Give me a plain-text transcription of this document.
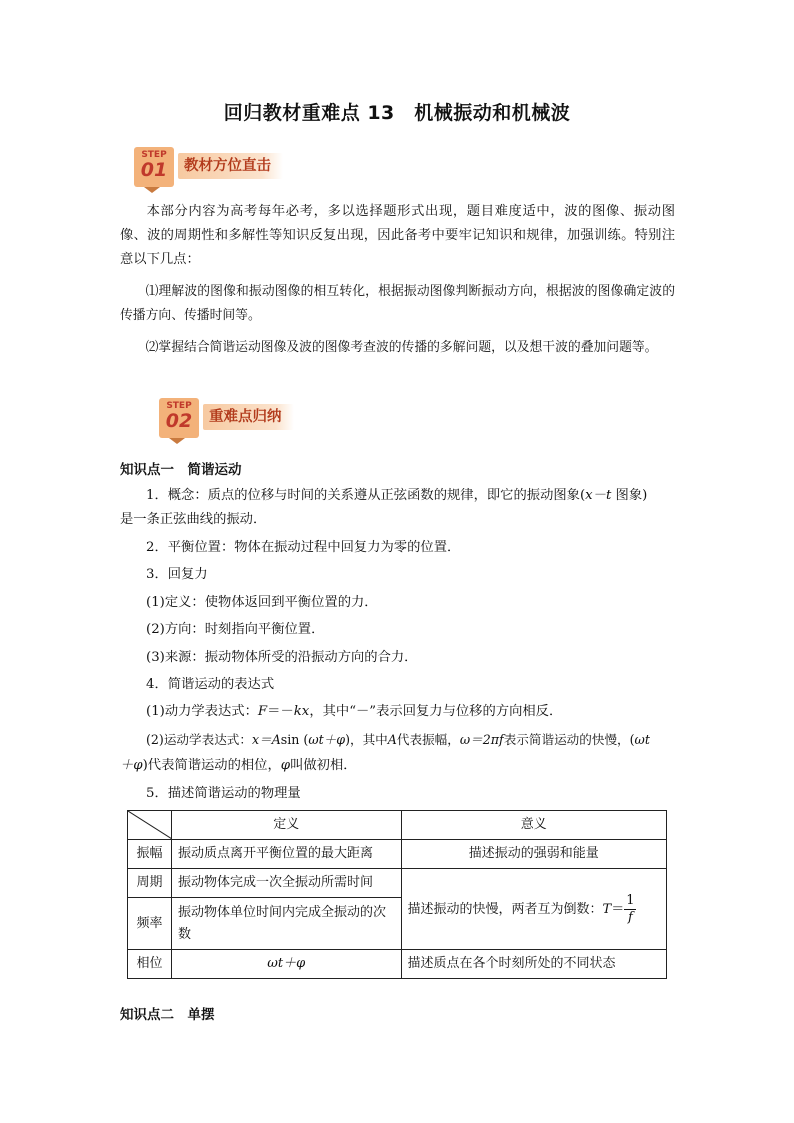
回归教材重难点 13　机械振动和机械波
STEP
01	教材方位直击
本部分内容为高考每年必考，多以选择题形式出现，题目难度适中，波的图像、振动图像、波的周期性和多解性等知识反复出现，因此备考中要牢记知识和规律，加强训练。特别注意以下几点：
⑴理解波的图像和振动图像的相互转化，根据振动图像判断振动方向，根据波的图像确定波的传播方向、传播时间等。
⑵掌握结合简谐运动图像及波的图像考查波的传播的多解问题，以及想干波的叠加问题等。
STEP
02	重难点归纳
知识点一　简谐运动
1．概念：质点的位移与时间的关系遵从正弦函数的规律，即它的振动图象(x－t 图象)
是一条正弦曲线的振动．
2．平衡位置：物体在振动过程中回复力为零的位置．
3．回复力
(1)定义：使物体返回到平衡位置的力．
(2)方向：时刻指向平衡位置．
(3)来源：振动物体所受的沿振动方向的合力．
4．简谐运动的表达式
(1)动力学表达式：F＝－kx，其中“－”表示回复力与位移的方向相反．
(2)运动学表达式：x＝Asin (ωt＋φ)，其中A代表振幅，ω＝2πf表示简谐运动的快慢，(ωt
＋φ)代表简谐运动的相位，φ叫做初相．
5．描述简谐运动的物理量
	定义	意义
振幅	振动质点离开平衡位置的最大距离	描述振动的强弱和能量
周期	振动物体完成一次全振动所需时间	描述振动的快慢，两者互为倒数：$T= \frac{1}{f}$

频率	振动物体单位时间内完成全振动的次数	
相位	ωt＋φ	描述质点在各个时刻所处的不同状态
知识点二　单摆
